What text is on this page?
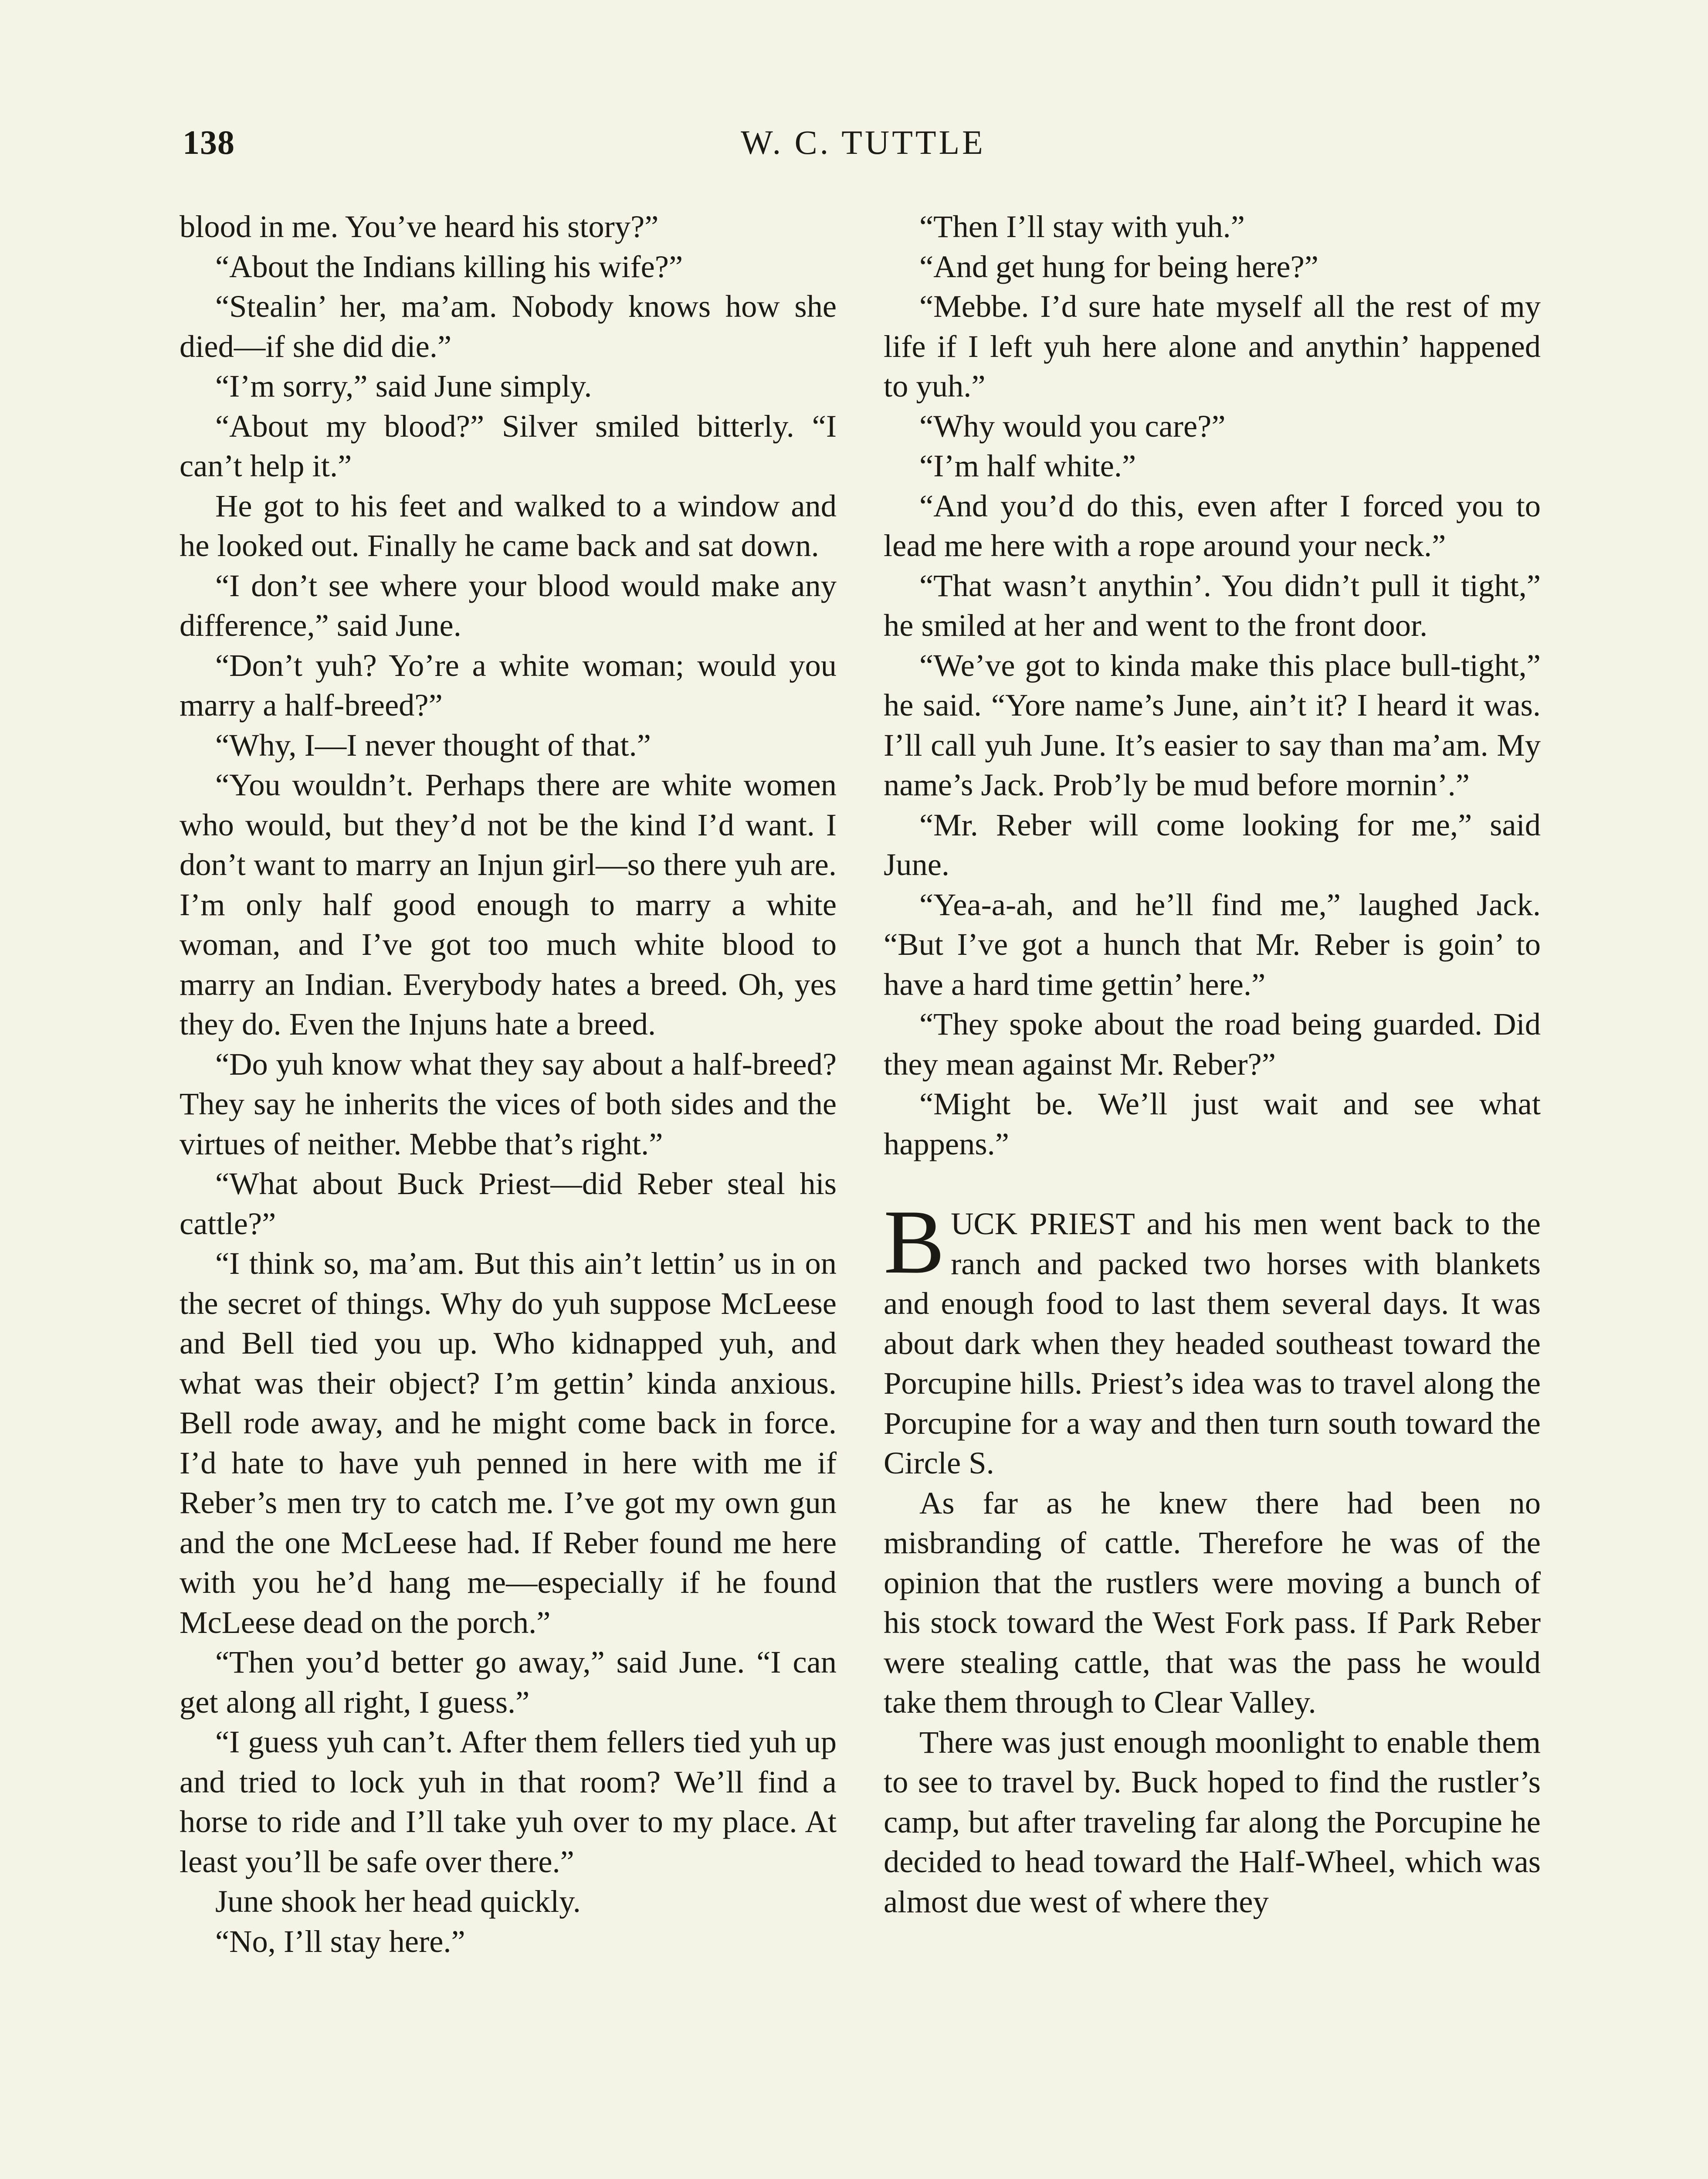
138	W. C. TUTTLE

blood in me. You’ve heard his story?”

“About the Indians killing his wife?”

“Stealin’ her, ma’am. Nobody knows how she died—if she did die.”

“I’m sorry,” said June simply.

“About my blood?” Silver smiled bitterly. “I can’t help it.”

He got to his feet and walked to a window and he looked out. Finally he came back and sat down.

“I don’t see where your blood would make any difference,” said June.

“Don’t yuh? Yo’re a white woman; would you marry a half-breed?”

“Why, I—I never thought of that.”

“You wouldn’t. Perhaps there are white women who would, but they’d not be the kind I’d want. I don’t want to marry an Injun girl—so there yuh are. I’m only half good enough to marry a white woman, and I’ve got too much white blood to marry an Indian. Everybody hates a breed. Oh, yes they do. Even the Injuns hate a breed.

“Do yuh know what they say about a half-breed? They say he inherits the vices of both sides and the virtues of neither. Mebbe that’s right.”

“What about Buck Priest—did Reber steal his cattle?”

“I think so, ma’am. But this ain’t lettin’ us in on the secret of things. Why do yuh suppose McLeese and Bell tied you up. Who kidnapped yuh, and what was their object? I’m gettin’ kinda anxious. Bell rode away, and he might come back in force. I’d hate to have yuh penned in here with me if Reber’s men try to catch me. I’ve got my own gun and the one McLeese had. If Reber found me here with you he’d hang me—especially if he found McLeese dead on the porch.”

“Then you’d better go away,” said June. “I can get along all right, I guess.”

“I guess yuh can’t. After them fellers tied yuh up and tried to lock yuh in that room? We’ll find a horse to ride and I’ll take yuh over to my place. At least you’ll be safe over there.”

June shook her head quickly.

“No, I’ll stay here.”

“Then I’ll stay with yuh.”

“And get hung for being here?”

“Mebbe. I’d sure hate myself all the rest of my life if I left yuh here alone and anythin’ happened to yuh.”

“Why would you care?”

“I’m half white.”

“And you’d do this, even after I forced you to lead me here with a rope around your neck.”

“That wasn’t anythin’. You didn’t pull it tight,” he smiled at her and went to the front door.

“We’ve got to kinda make this place bull-tight,” he said. “Yore name’s June, ain’t it? I heard it was. I’ll call yuh June. It’s easier to say than ma’am. My name’s Jack. Prob’ly be mud before mornin’.”

“Mr. Reber will come looking for me,” said June.

“Yea-a-ah, and he’ll find me,” laughed Jack. “But I’ve got a hunch that Mr. Reber is goin’ to have a hard time gettin’ here.”

“They spoke about the road being guarded. Did they mean against Mr. Reber?”

“Might be. We’ll just wait and see what happens.”

BUCK PRIEST and his men went back to the ranch and packed two horses with blankets and enough food to last them several days. It was about dark when they headed southeast toward the Porcupine hills. Priest’s idea was to travel along the Porcupine for a way and then turn south toward the Circle S.

As far as he knew there had been no misbranding of cattle. Therefore he was of the opinion that the rustlers were moving a bunch of his stock toward the West Fork pass. If Park Reber were stealing cattle, that was the pass he would take them through to Clear Valley.

There was just enough moonlight to enable them to see to travel by. Buck hoped to find the rustler’s camp, but after traveling far along the Porcupine he decided to head toward the Half-Wheel, which was almost due west of where they
